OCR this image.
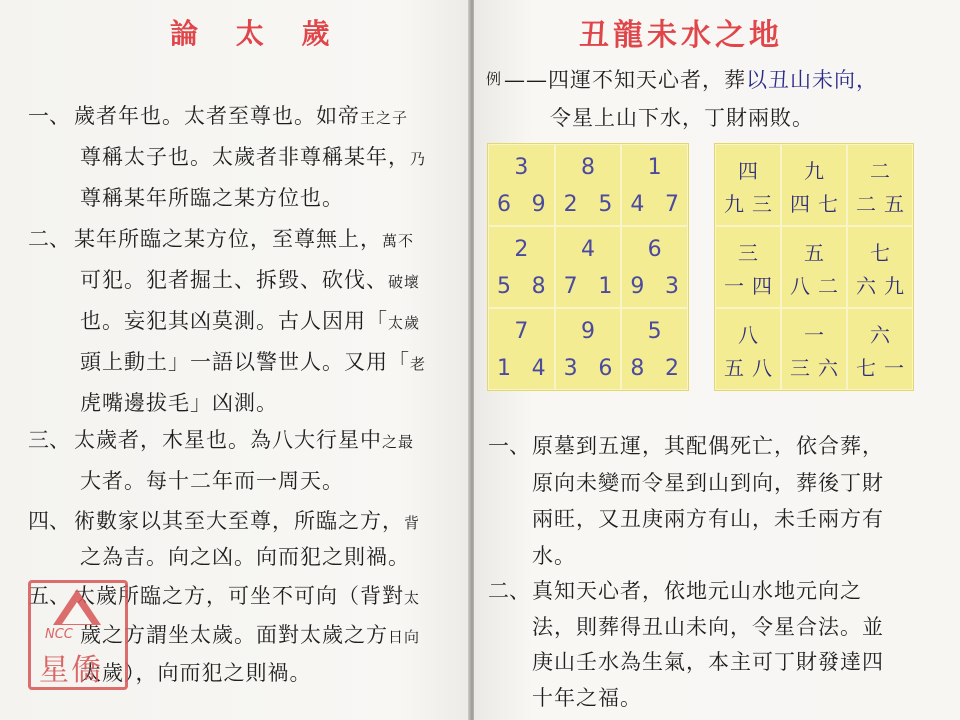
論 太 歲
一、 歲者年也。太者至尊也。如帝王之子
尊稱太子也。太歲者非尊稱某年，乃
尊稱某年所臨之某方位也。
二、 某年所臨之某方位，至尊無上，萬不
可犯。犯者掘土、拆毀、砍伐、破壞
也。妄犯其凶莫測。古人因用「太歲
頭上動土」一語以警世人。又用「老
虎嘴邊拔毛」凶測。
三、 太歲者，木星也。為八大行星中之最
大者。每十二年而一周天。
四、 術數家以其至大至尊，所臨之方，背
之為吉。向之凶。向而犯之則禍。
五、 太歲所臨之方，可坐不可向（背對太
歲之方謂坐太歲。面對太歲之方日向
太歲），向而犯之則禍。
NCC
星僑
丑龍未水之地
例 ——四運不知天心者，葬以丑山未向，
令星上山下水，丁財兩敗。
3
6 9
8
2 5
1
4 7
2
5 8
4
7 1
6
9 3
7
1 4
9
3 6
5
8 2
四
九 三
九
四 七
二
二 五
三
一 四
五
八 二
七
六 九
八
五 八
一
三 六
六
七 一
一、 原墓到五運，其配偶死亡，依合葬，
原向未變而令星到山到向，葬後丁財
兩旺，又丑庚兩方有山，未壬兩方有
水。
二、 真知天心者，依地元山水地元向之
法，則葬得丑山未向，令星合法。並
庚山壬水為生氣，本主可丁財發達四
十年之福。
